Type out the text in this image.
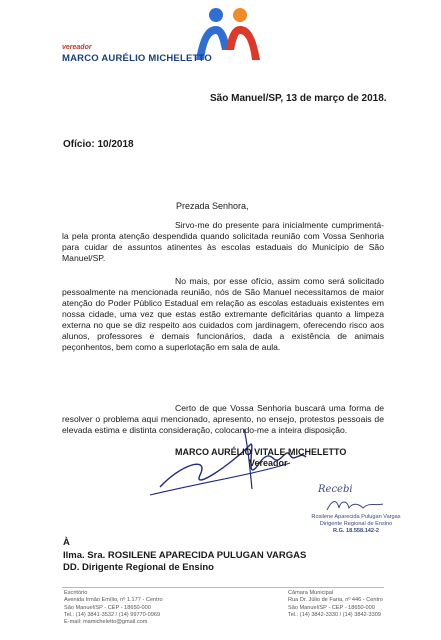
vereador
MARCO AURÉLIO MICHELETTO
São Manuel/SP, 13 de março de 2018.
Ofício: 10/2018
Prezada Senhora,
Sirvo-me do presente para inicialmente cumprimentá-la pela pronta atenção despendida quando solicitada reunião com Vossa Senhoria para cuidar de assuntos atinentes às escolas estaduais do Município de São Manuel/SP.
No mais, por esse ofício, assim como será solicitado pessoalmente na mencionada reunião, nós de São Manuel necessitamos de maior atenção do Poder Público Estadual em relação as escolas estaduais existentes em nossa cidade, uma vez que estas estão extremante deficitárias quanto a limpeza externa no que se diz respeito aos cuidados com jardinagem, oferecendo risco aos alunos, professores e demais funcionários, dada a existência de animais peçonhentos, bem como a superlotação em sala de aula.
Certo de que Vossa Senhoria buscará uma forma de resolver o problema aqui mencionado, apresento, no ensejo, protestos pessoais de elevada estima e distinta consideração, colocando-me a inteira disposição.
MARCO AURÉLIO VITALE MICHELETTO
Vereador
Recebi
Rosilene Aparecida Pulugan Vargas
Dirigente Regional de Ensino
R.G. 18.558.142-2
À
Ilma. Sra. ROSILENE APARECIDA PULUGAN VARGAS
DD. Dirigente Regional de Ensino
Escritório
Avenida Irmão Emílio, nº 1.177 - Centro
São Manuel/SP - CEP - 18650-000
Tel.: (14) 3841-3532 / (14) 99770-0969
E-mail: mamicheletto@gmail.com
Câmara Municipal
Rua Dr. Júlio de Faria, nº 446 - Centro
São Manuel/SP - CEP - 18650-000
Tel.: (14) 3842-3330 / (14) 3842-3309
